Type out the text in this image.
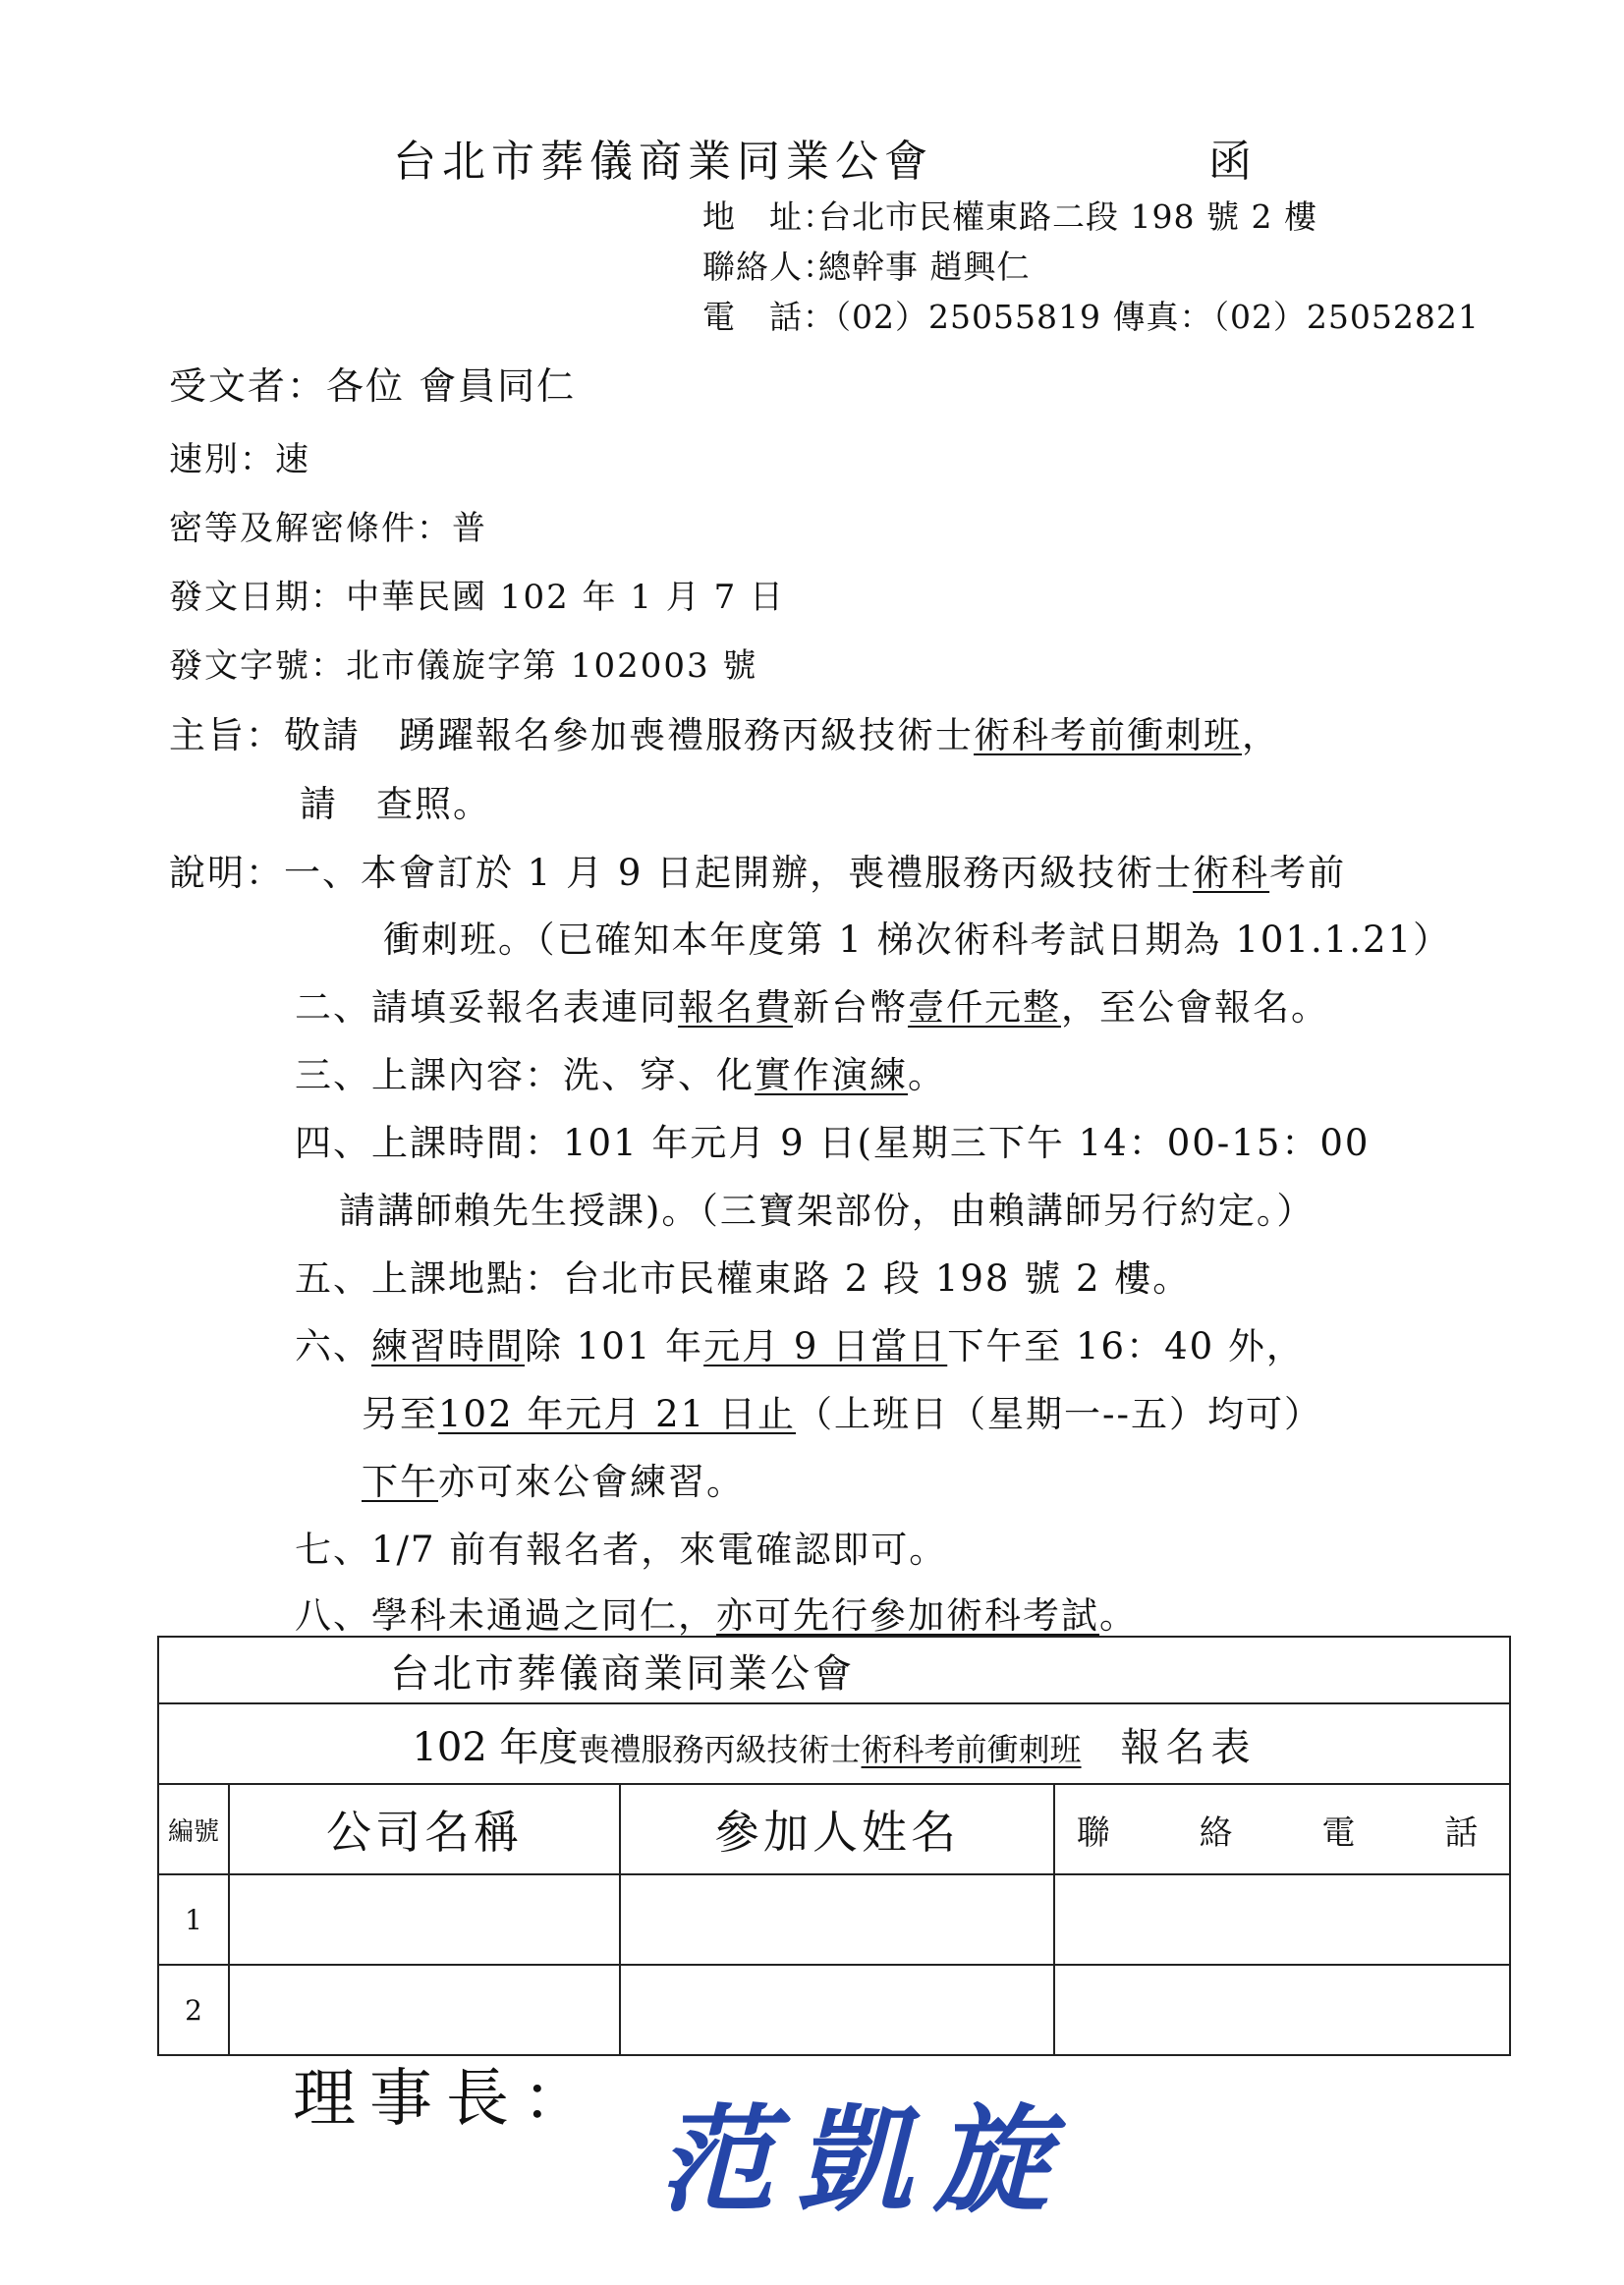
台北市葬儀商業同業公會	函
地　址：台北市民權東路二段 198 號 2 樓
聯絡人：總幹事 趙興仁
電　話：（02）25055819 傳真：（02）25052821
受文者：各位 會員同仁
速別：速
密等及解密條件：普
發文日期：中華民國 102 年 1 月 7 日
發文字號：北市儀旋字第 102003 號
主旨：敬請　踴躍報名參加喪禮服務丙級技術士術科考前衝刺班，
請　查照。
說明：一、本會訂於 1 月 9 日起開辦，喪禮服務丙級技術士術科考前
衝刺班。（已確知本年度第 1 梯次術科考試日期為 101.1.21）
二、請填妥報名表連同報名費新台幣壹仟元整，至公會報名。
三、上課內容：洗、穿、化實作演練。
四、上課時間：101 年元月 9 日(星期三下午 14：00-15：00
請講師賴先生授課)。（三寶架部份，由賴講師另行約定。）
五、上課地點：台北市民權東路 2 段 198 號 2 樓。
六、練習時間除 101 年元月 9 日當日下午至 16：40 外，
另至102 年元月 21 日止（上班日（星期一--五）均可）
下午亦可來公會練習。
七、1/7 前有報名者，來電確認即可。
八、學科未通過之同仁，亦可先行參加術科考試。
台北市葬儀商業同業公會			
102 年度喪禮服務丙級技術士術科考前衝刺班　 報名表			
編號	公司名稱	參加人姓名	聯 絡 電 話
1			
2			
理事長： 范凱旋
